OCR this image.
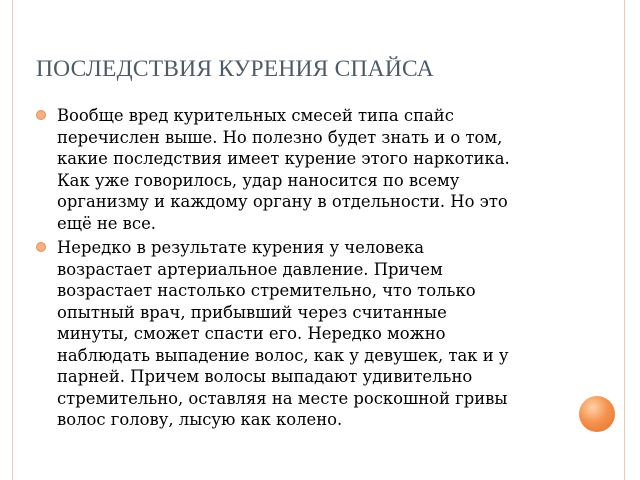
ПОСЛЕДСТВИЯ КУРЕНИЯ СПАЙСА
Вообще вред курительных смесей типа спайс
перечислен выше. Но полезно будет знать и о том,
какие последствия имеет курение этого наркотика.
Как уже говорилось, удар наносится по всему
организму и каждому органу в отдельности. Но это
ещё не все.
Нередко в результате курения у человека
возрастает артериальное давление. Причем
возрастает настолько стремительно, что только
опытный врач, прибывший через считанные
минуты, сможет спасти его. Нередко можно
наблюдать выпадение волос, как у девушек, так и у
парней. Причем волосы выпадают удивительно
стремительно, оставляя на месте роскошной гривы
волос голову, лысую как колено.
